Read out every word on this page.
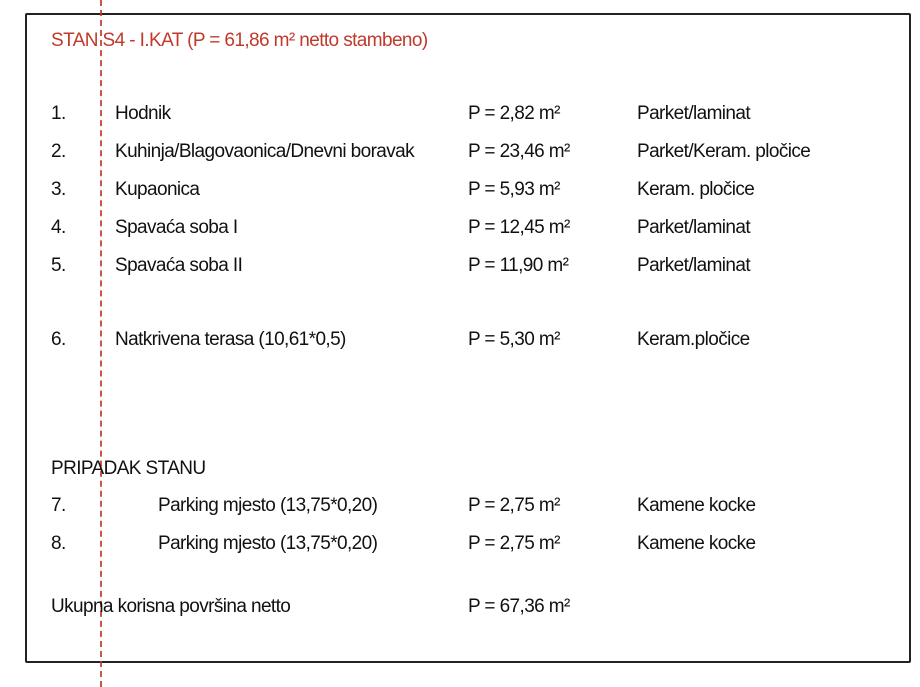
STAN S4 - I.KAT (P = 61,86 m² netto stambeno)
1.	Hodnik	P = 2,82 m²	Parket/laminat
2.	Kuhinja/Blagovaonica/Dnevni boravak	P = 23,46 m²	Parket/Keram. pločice
3.	Kupaonica	P = 5,93 m²	Keram. pločice
4.	Spavaća soba I	P = 12,45 m²	Parket/laminat
5.	Spavaća soba II	P = 11,90 m²	Parket/laminat
6.	Natkrivena terasa (10,61*0,5)	P = 5,30 m²	Keram.pločice
PRIPADAK STANU
7.	Parking mjesto (13,75*0,20)	P = 2,75 m²	Kamene kocke
8.	Parking mjesto (13,75*0,20)	P = 2,75 m²	Kamene kocke
Ukupna korisna površina netto	P = 67,36 m²
